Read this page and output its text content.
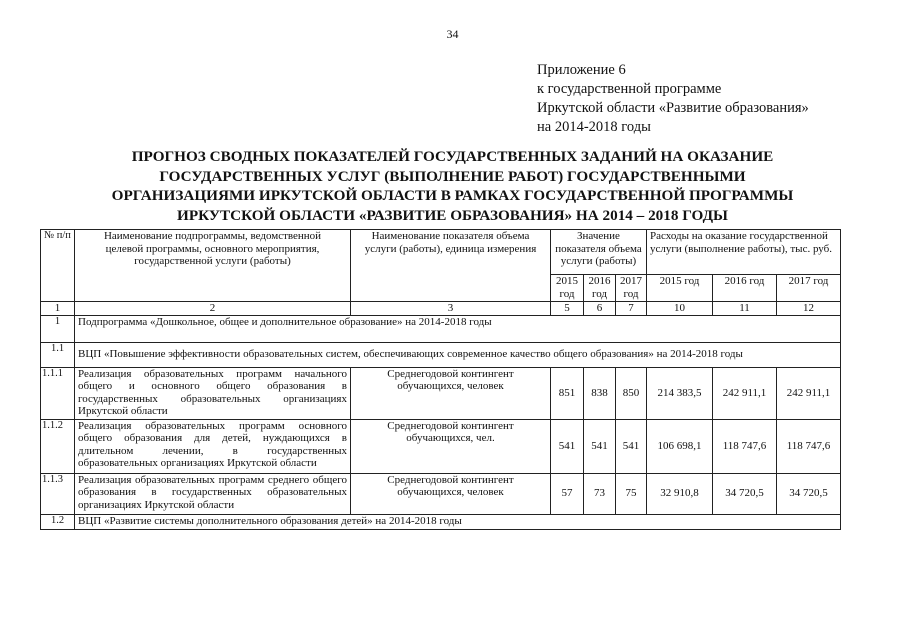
34
Приложение 6
к государственной программе
Иркутской области «Развитие образования»
на 2014-2018 годы
ПРОГНОЗ СВОДНЫХ ПОКАЗАТЕЛЕЙ ГОСУДАРСТВЕННЫХ ЗАДАНИЙ НА ОКАЗАНИЕ
ГОСУДАРСТВЕННЫХ УСЛУГ (ВЫПОЛНЕНИЕ РАБОТ) ГОСУДАРСТВЕННЫМИ
ОРГАНИЗАЦИЯМИ ИРКУТСКОЙ ОБЛАСТИ В РАМКАХ ГОСУДАРСТВЕННОЙ ПРОГРАММЫ
ИРКУТСКОЙ ОБЛАСТИ «РАЗВИТИЕ ОБРАЗОВАНИЯ» НА 2014 – 2018 ГОДЫ
№ п/п	Наименование подпрограммы, ведомственной целевой программы, основного мероприятия, государственной услуги (работы)	Наименование показателя объема услуги (работы), единица измерения	Значение показателя объема услуги (работы)			Расходы на оказание государственной услуги (выполнение работы), тыс. руб.		
			2015 год	2016 год	2017 год	2015 год	2016 год	2017 год
1	2	3	5	6	7	10	11	12
1	Подпрограмма «Дошкольное, общее и дополнительное образование» на 2014-2018 годы							
1.1	ВЦП «Повышение эффективности образовательных систем, обеспечивающих современное качество общего образования» на 2014-2018 годы							
1.1.1	Реализация образовательных программ начального общего и основного общего образования в государственных образовательных организациях Иркутской области	Среднегодовой контингент обучающихся, человек	851	838	850	214 383,5	242 911,1	242 911,1
1.1.2	Реализация образовательных программ основного общего образования для детей, нуждающихся в длительном лечении, в государственных образовательных организациях Иркутской области	Среднегодовой контингент обучающихся, чел.	541	541	541	106 698,1	118 747,6	118 747,6
1.1.3	Реализация образовательных программ среднего общего образования в государственных образовательных организациях Иркутской области	Среднегодовой контингент обучающихся, человек	57	73	75	32 910,8	34 720,5	34 720,5
1.2	ВЦП «Развитие системы дополнительного образования детей» на 2014-2018 годы							
